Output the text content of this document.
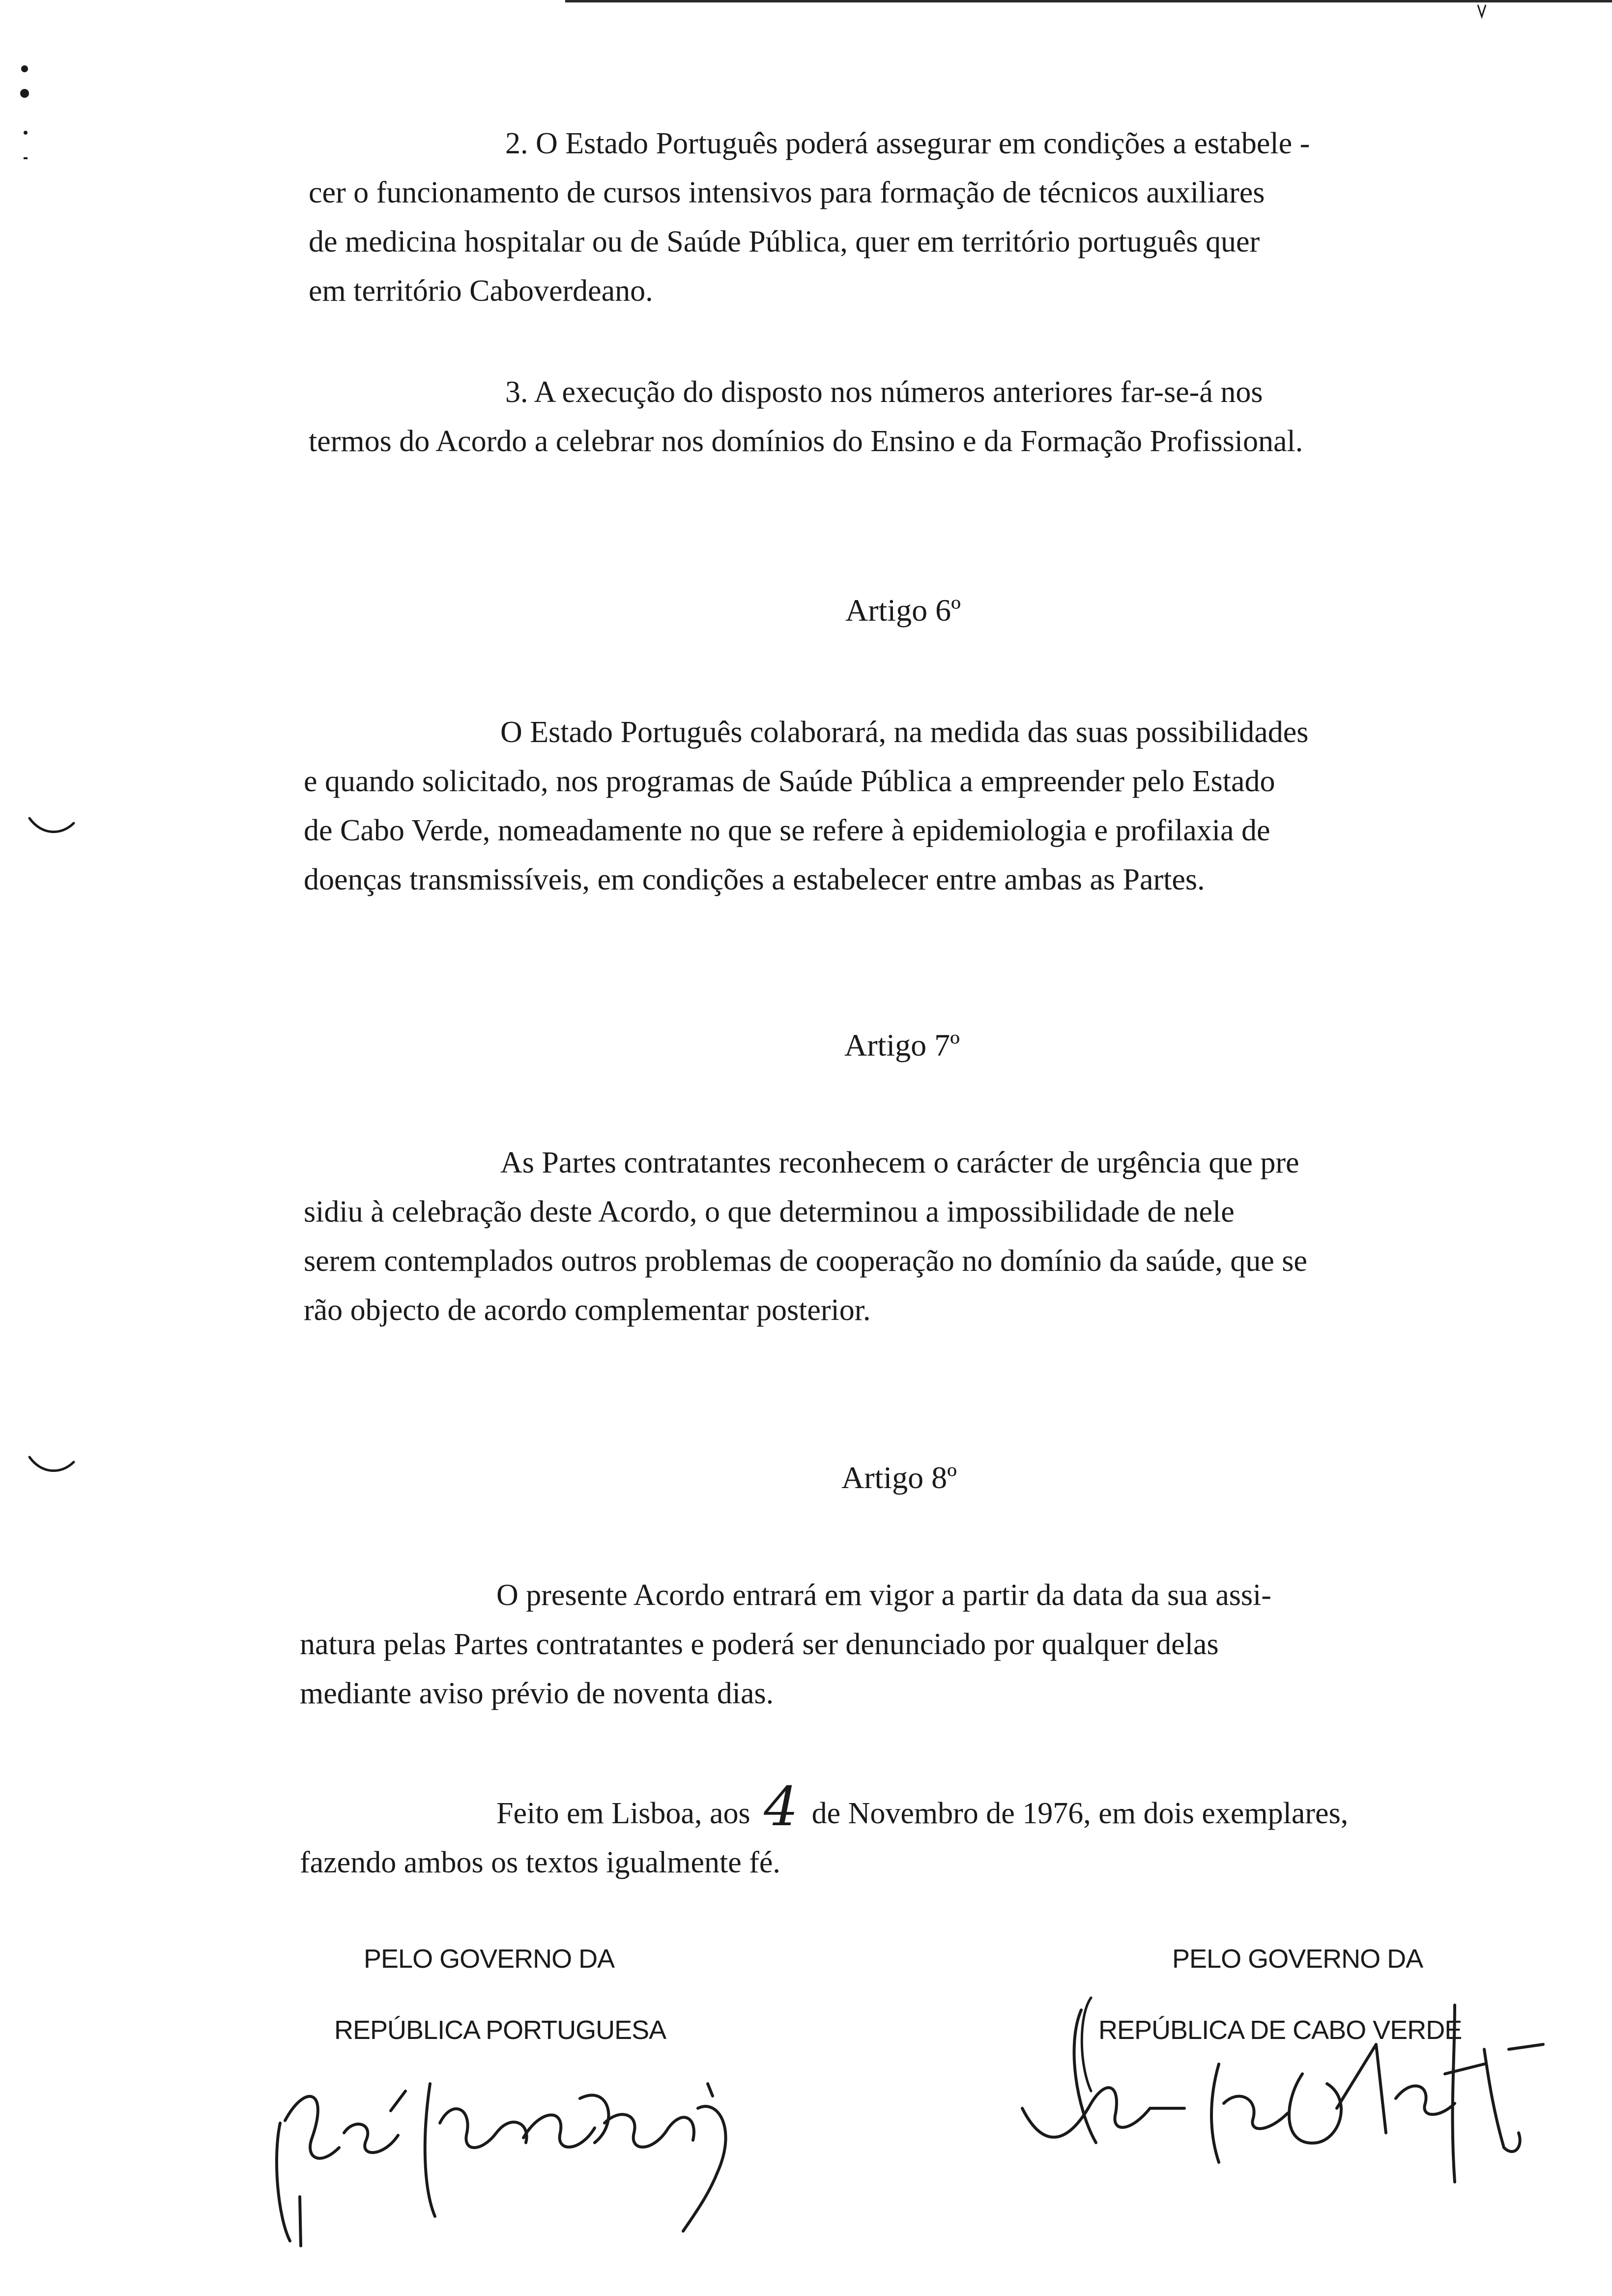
2. O Estado Português poderá assegurar em condições a estabele -
cer o funcionamento de cursos intensivos para formação de técnicos auxiliares
de medicina hospitalar ou de Saúde Pública, quer em território português quer
em território Caboverdeano.
3. A execução do disposto nos números anteriores far-se-á nos
termos do Acordo a celebrar nos domínios do Ensino e da Formação Profissional.
Artigo 6º
O Estado Português colaborará, na medida das suas possibilidades
e quando solicitado, nos programas de Saúde Pública a empreender pelo Estado
de Cabo Verde, nomeadamente no que se refere à epidemiologia e profilaxia de
doenças transmissíveis, em condições a estabelecer entre ambas as Partes.
Artigo 7º
As Partes contratantes reconhecem o carácter de urgência que pre
sidiu à celebração deste Acordo, o que determinou a impossibilidade de nele
serem contemplados outros problemas de cooperação no domínio da saúde, que se
rão objecto de acordo complementar posterior.
Artigo 8º
O presente Acordo entrará em vigor a partir da data da sua assi-
natura pelas Partes contratantes e poderá ser denunciado por qualquer delas
mediante aviso prévio de noventa dias.
Feito em Lisboa, aos 4 de Novembro de 1976, em dois exemplares,
fazendo ambos os textos igualmente fé.
PELO GOVERNO DA
REPÚBLICA PORTUGUESA
PELO GOVERNO DA
REPÚBLICA DE CABO VERDE
